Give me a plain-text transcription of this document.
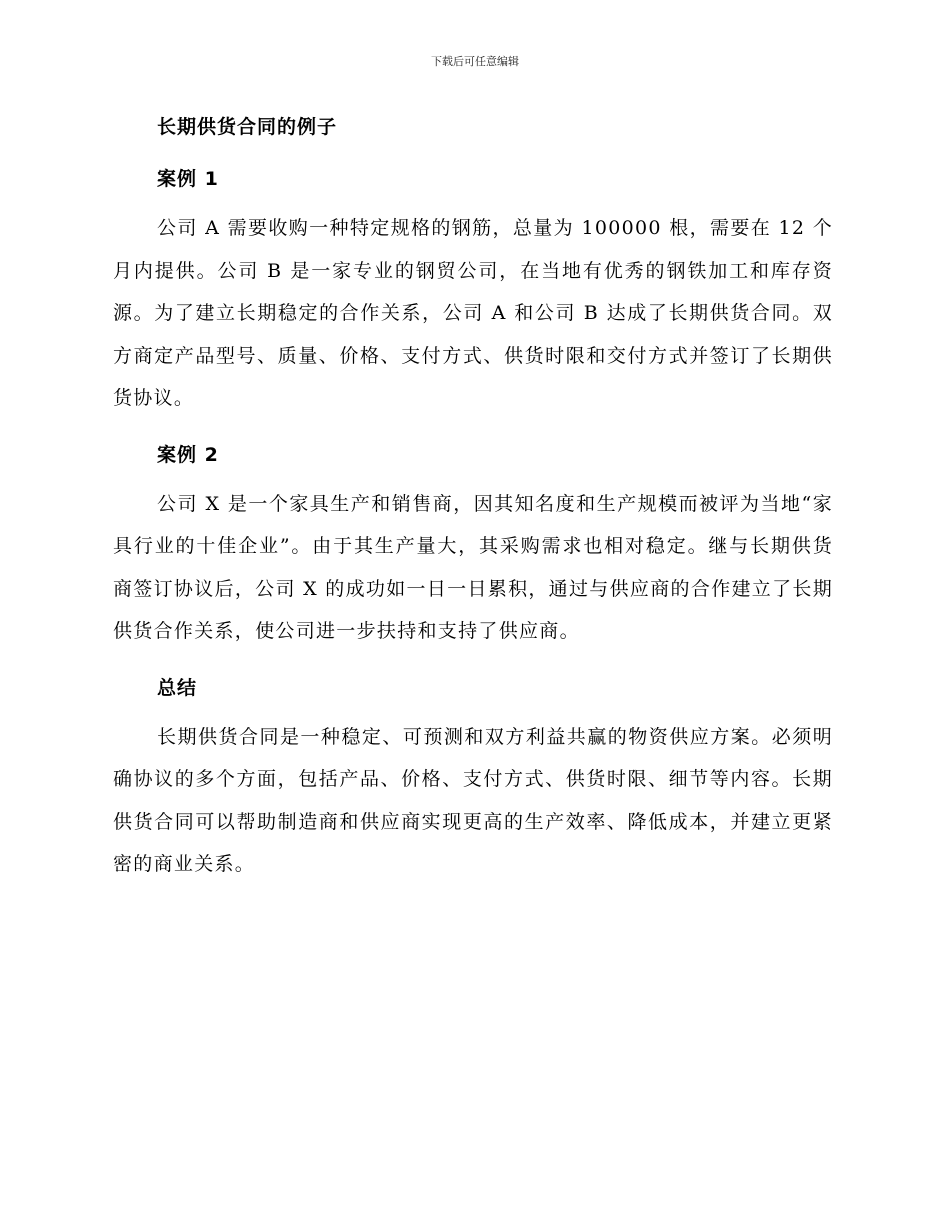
下载后可任意编辑
长期供货合同的例子
案例 1

公司 A 需要收购一种特定规格的钢筋，总量为 100000 根，需要在 12 个月内提供。公司 B 是一家专业的钢贸公司，在当地有优秀的钢铁加工和库存资源。为了建立长期稳定的合作关系，公司 A 和公司 B 达成了长期供货合同。双方商定产品型号、质量、价格、支付方式、供货时限和交付方式并签订了长期供货协议。

案例 2

公司 X 是一个家具生产和销售商，因其知名度和生产规模而被评为当地“家具行业的十佳企业”。由于其生产量大，其采购需求也相对稳定。继与长期供货商签订协议后，公司 X 的成功如一日一日累积，通过与供应商的合作建立了长期供货合作关系，使公司进一步扶持和支持了供应商。

总结

长期供货合同是一种稳定、可预测和双方利益共赢的物资供应方案。必须明确协议的多个方面，包括产品、价格、支付方式、供货时限、细节等内容。长期供货合同可以帮助制造商和供应商实现更高的生产效率、降低成本，并建立更紧密的商业关系。
